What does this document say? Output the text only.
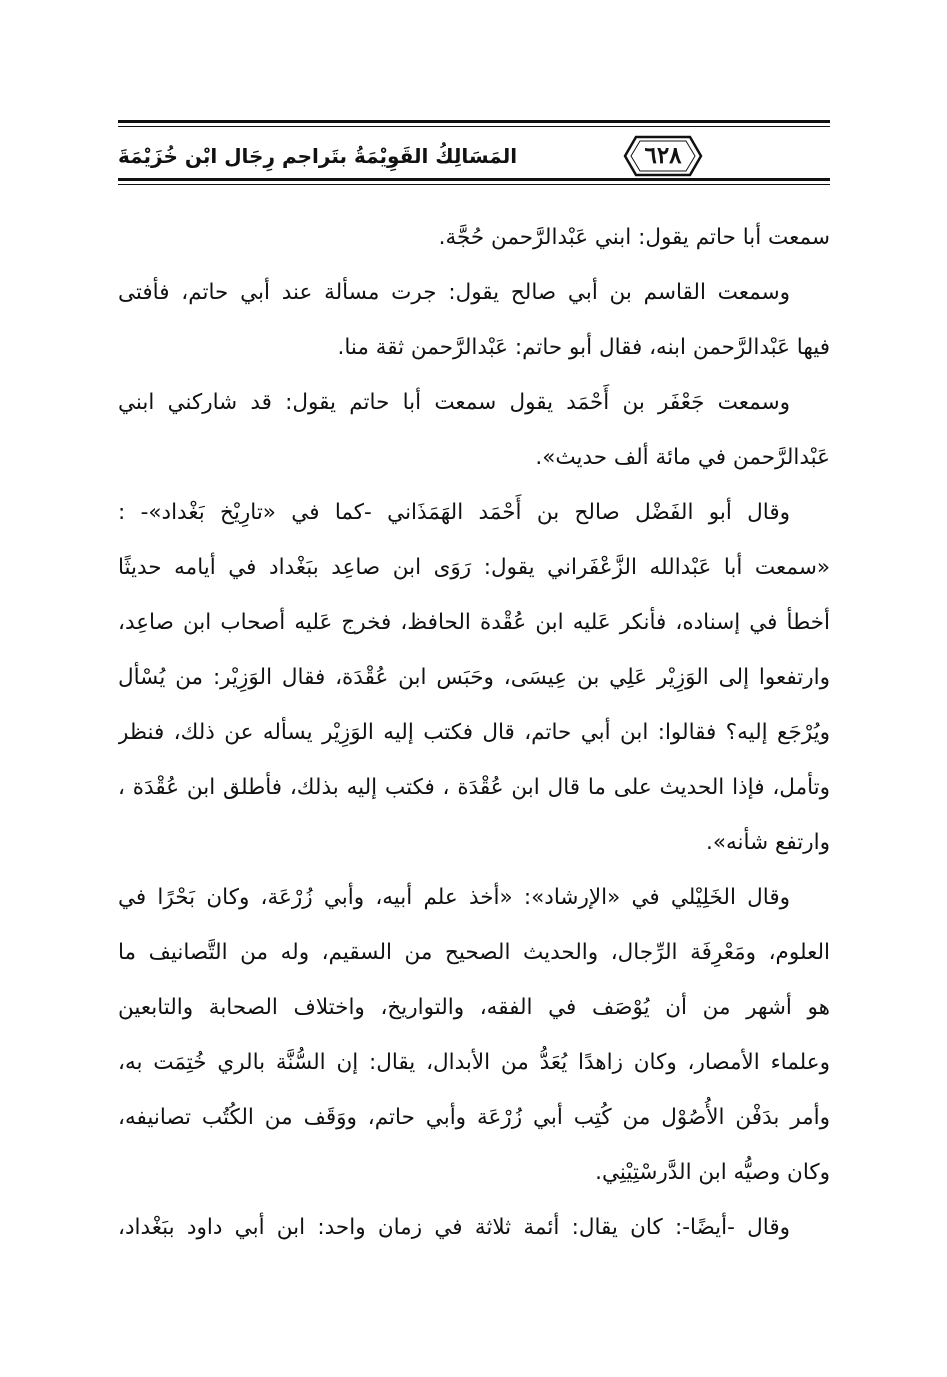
٦٢٨
المَسَالِكُ القَوِيْمَةُ بتَراجم رِجَال ابْن خُزَيْمَةَ
سمعت أبا حاتم يقول: ابني عَبْدالرَّحمن حُجَّة.
وسمعت القاسم بن أبي صالح يقول: جرت مسألة عند أبي حاتم، فأفتى
فيها عَبْدالرَّحمن ابنه، فقال أبو حاتم: عَبْدالرَّحمن ثقة منا.
وسمعت جَعْفَر بن أَحْمَد يقول سمعت أبا حاتم يقول: قد شاركني ابني
عَبْدالرَّحمن في مائة ألف حديث».
وقال أبو الفَضْل صالح بن أَحْمَد الهَمَذَاني -كما في «تارِيْخ بَغْداد»- :
«سمعت أبا عَبْدالله الزَّعْفَراني يقول: رَوَى ابن صاعِد ببَغْداد في أيامه حديثًا
أخطأ في إسناده، فأنكر عَليه ابن عُقْدة الحافظ، فخرج عَليه أصحاب ابن صاعِد،
وارتفعوا إلى الوَزِيْر عَلِي بن عِيسَى، وحَبَس ابن عُقْدَة، فقال الوَزِيْر: من يُسْأل
ويُرْجَع إليه؟ فقالوا: ابن أبي حاتم، قال فكتب إليه الوَزِيْر يسأله عن ذلك، فنظر
وتأمل، فإذا الحديث على ما قال ابن عُقْدَة ، فكتب إليه بذلك، فأطلق ابن عُقْدَة ،
وارتفع شأنه».
وقال الخَلِيْلي في «الإرشاد»: «أخذ علم أبيه، وأبي زُرْعَة، وكان بَحْرًا في
العلوم، ومَعْرِفَة الرِّجال، والحديث الصحيح من السقيم، وله من التَّصانيف ما
هو أشهر من أن يُوْصَف في الفقه، والتواريخ، واختلاف الصحابة والتابعين
وعلماء الأمصار، وكان زاهدًا يُعَدُّ من الأبدال، يقال: إن السُّنَّة بالري خُتِمَت به،
وأمر بدَفْن الأُصُوْل من كُتِب أبي زُرْعَة وأبي حاتم، ووَقَف من الكُتُب تصانيفه،
وكان وصيُّه ابن الدَّرسْتِيْنِي.
وقال -أيضًا-: كان يقال: أئمة ثلاثة في زمان واحد: ابن أبي داود ببَغْداد،
